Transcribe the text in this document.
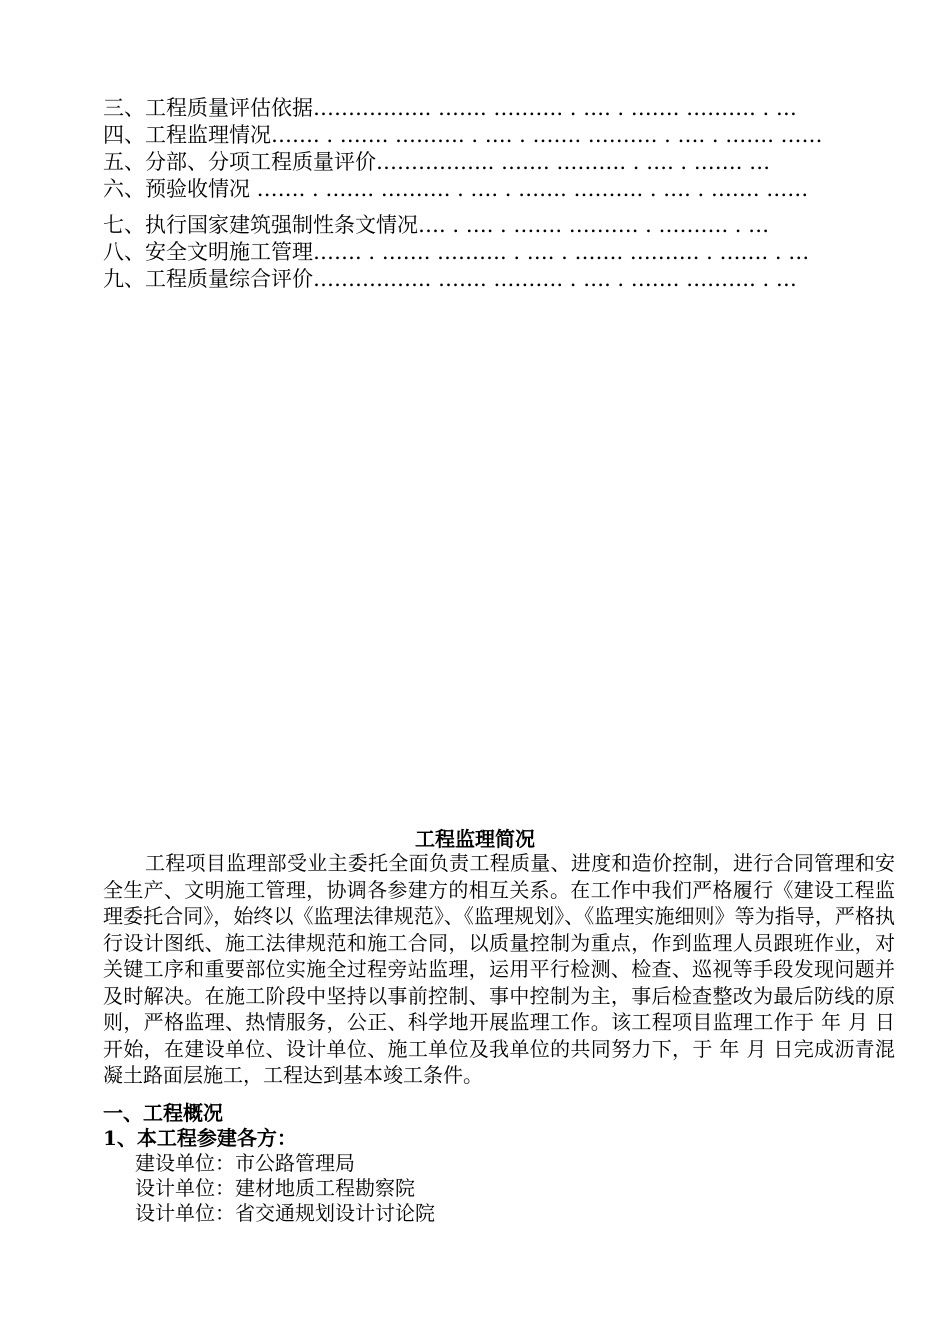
三、工程质量评估依据…………….. ……. ………. . …. . ……. ………. . …
四、工程监理情况……. . ……. ………. . …. . ……. ………. . …. . ……. ……
五、分部、分项工程质量评价…………….. ……. ………. . …. . ……. …
六、预验收情况 ……. . ……. ………. . …. . ……. ………. . …. . ……. ……
七、执行国家建筑强制性条文情况…. . …. . ……. ………. . ………. . …
八、安全文明施工管理……. . ……. ………. . …. . ……. ………. . ……. . …
九、工程质量综合评价…………….. ……. ………. . …. . ……. ………. . …
工程监理简况
工程项目监理部受业主委托全面负责工程质量、进度和造价控制，进行合同管理和安全生产、文明施工管理，协调各参建方的相互关系。在工作中我们严格履行《建设工程监理委托合同》，始终以《监理法律规范》、《监理规划》、《监理实施细则》等为指导，严格执行设计图纸、施工法律规范和施工合同，以质量控制为重点，作到监理人员跟班作业，对关键工序和重要部位实施全过程旁站监理，运用平行检测、检查、巡视等手段发现问题并及时解决。在施工阶段中坚持以事前控制、事中控制为主，事后检查整改为最后防线的原则，严格监理、热情服务，公正、科学地开展监理工作。该工程项目监理工作于 年 月 日开始，在建设单位、设计单位、施工单位及我单位的共同努力下，于 年 月 日完成沥青混凝土路面层施工，工程达到基本竣工条件。
一、工程概况
1、本工程参建各方：
建设单位：市公路管理局
设计单位：建材地质工程勘察院
设计单位：省交通规划设计讨论院
